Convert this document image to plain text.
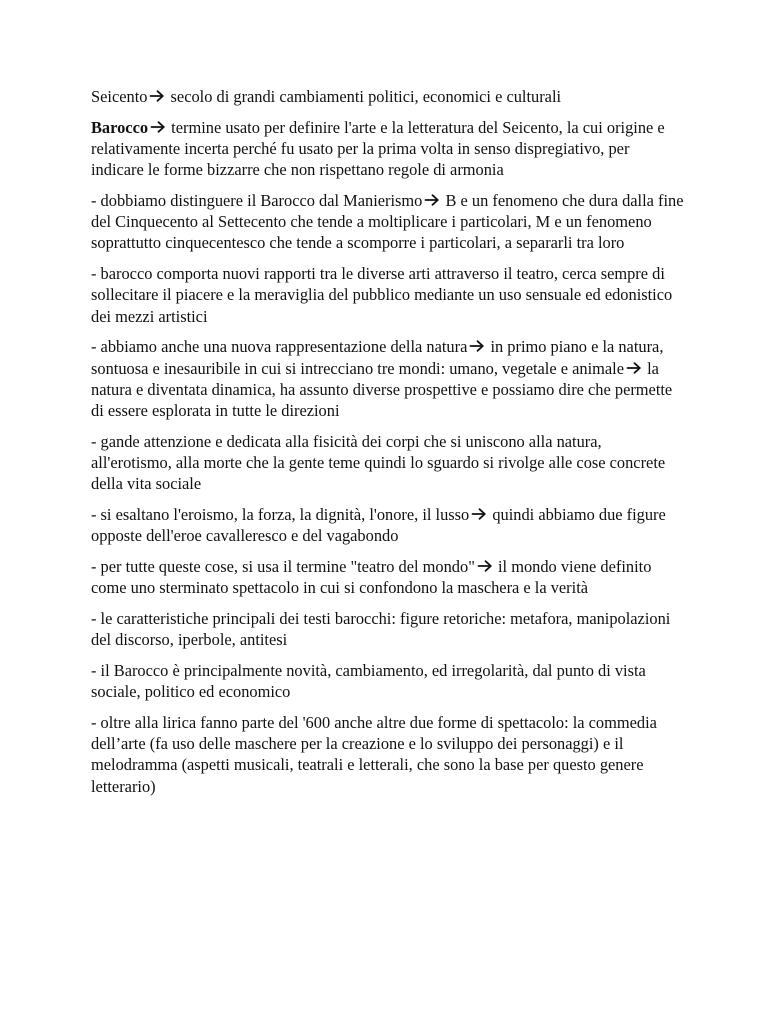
Seicento
secolo di grandi cambiamenti politici, economici e culturali

Barocco
termine usato per definire l'arte e la letteratura del Seicento, la cui origine e relativamente incerta perché fu usato per la prima volta in senso dispregiativo, per indicare le forme bizzarre che non rispettano regole di armonia

- dobbiamo distinguere il Barocco dal Manierismo
B e un fenomeno che dura dalla fine del Cinquecento al Settecento che tende a moltiplicare i particolari, M e un fenomeno soprattutto cinquecentesco che tende a scomporre i particolari, a separarli tra loro

- barocco comporta nuovi rapporti tra le diverse arti attraverso il teatro, cerca sempre di sollecitare il piacere e la meraviglia del pubblico mediante un uso sensuale ed edonistico dei mezzi artistici

- abbiamo anche una nuova rappresentazione della natura
in primo piano e la natura, sontuosa e inesauribile in cui si intrecciano tre mondi: umano, vegetale e animale
la natura e diventata dinamica, ha assunto diverse prospettive e possiamo dire che permette di essere esplorata in tutte le direzioni

- gande attenzione e dedicata alla fisicità dei corpi che si uniscono alla natura, all'erotismo, alla morte che la gente teme quindi lo sguardo si rivolge alle cose concrete della vita sociale

- si esaltano l'eroismo, la forza, la dignità, l'onore, il lusso
quindi abbiamo due figure opposte dell'eroe cavalleresco e del vagabondo

- per tutte queste cose, si usa il termine "teatro del mondo"
il mondo viene definito come uno sterminato spettacolo in cui si confondono la maschera e la verità

- le caratteristiche principali dei testi barocchi: figure retoriche: metafora, manipolazioni del discorso, iperbole, antitesi

- il Barocco è principalmente novità, cambiamento, ed irregolarità, dal punto di vista sociale, politico ed economico

- oltre alla lirica fanno parte del '600 anche altre due forme di spettacolo: la commedia dell’arte (fa uso delle maschere per la creazione e lo sviluppo dei personaggi) e il melodramma (aspetti musicali, teatrali e letterali, che sono la base per questo genere letterario)
